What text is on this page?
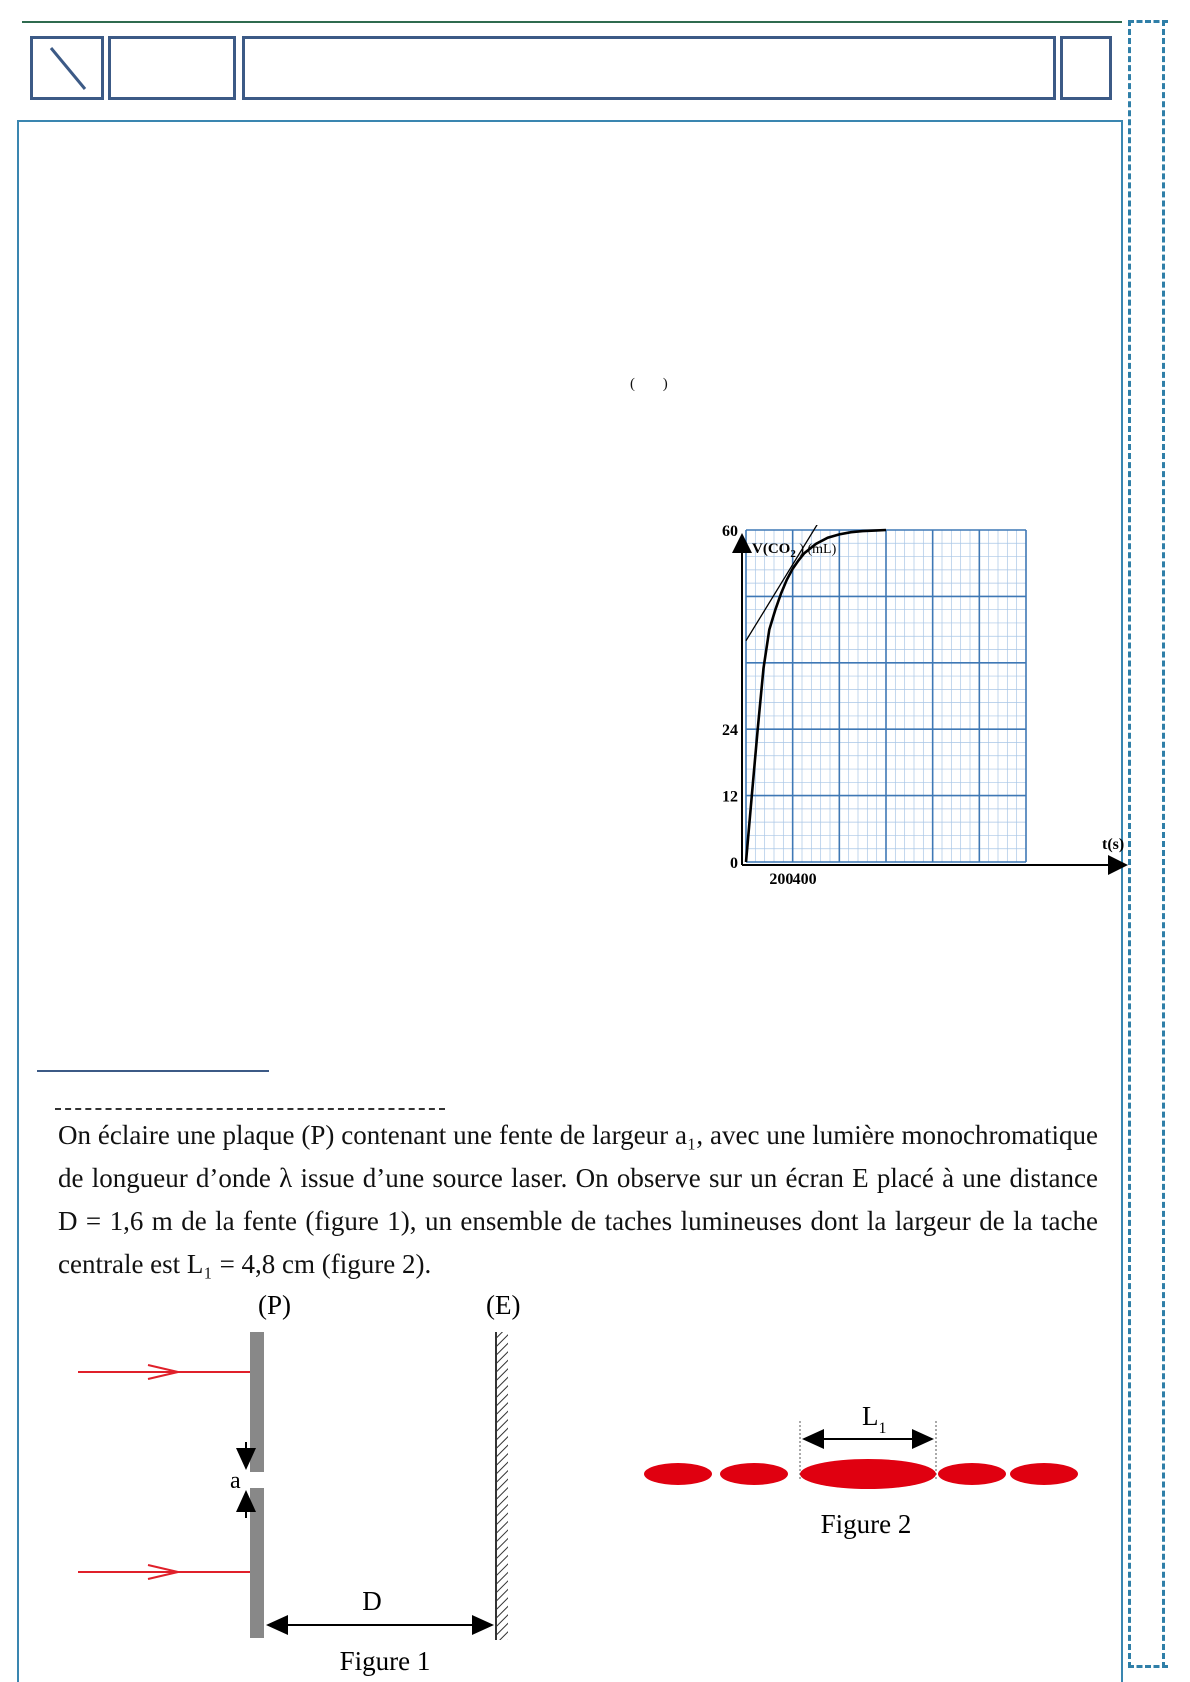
( )
$V(CO_2$ ) (mL)
t(s)
0
12
24
60
200 400
On éclaire une plaque (P) contenant une fente de largeur a₁, avec une lumière monochromatique de longueur d’onde λ issue d’une source laser. On observe sur un écran E placé à une distance D = 1,6 m de la fente (figure 1), un ensemble de taches lumineuses dont la largeur de la tache centrale est L₁ = 4,8 cm (figure 2).
(P)	(E)
a
D
Figure 1
$L_1$
Figure 2
